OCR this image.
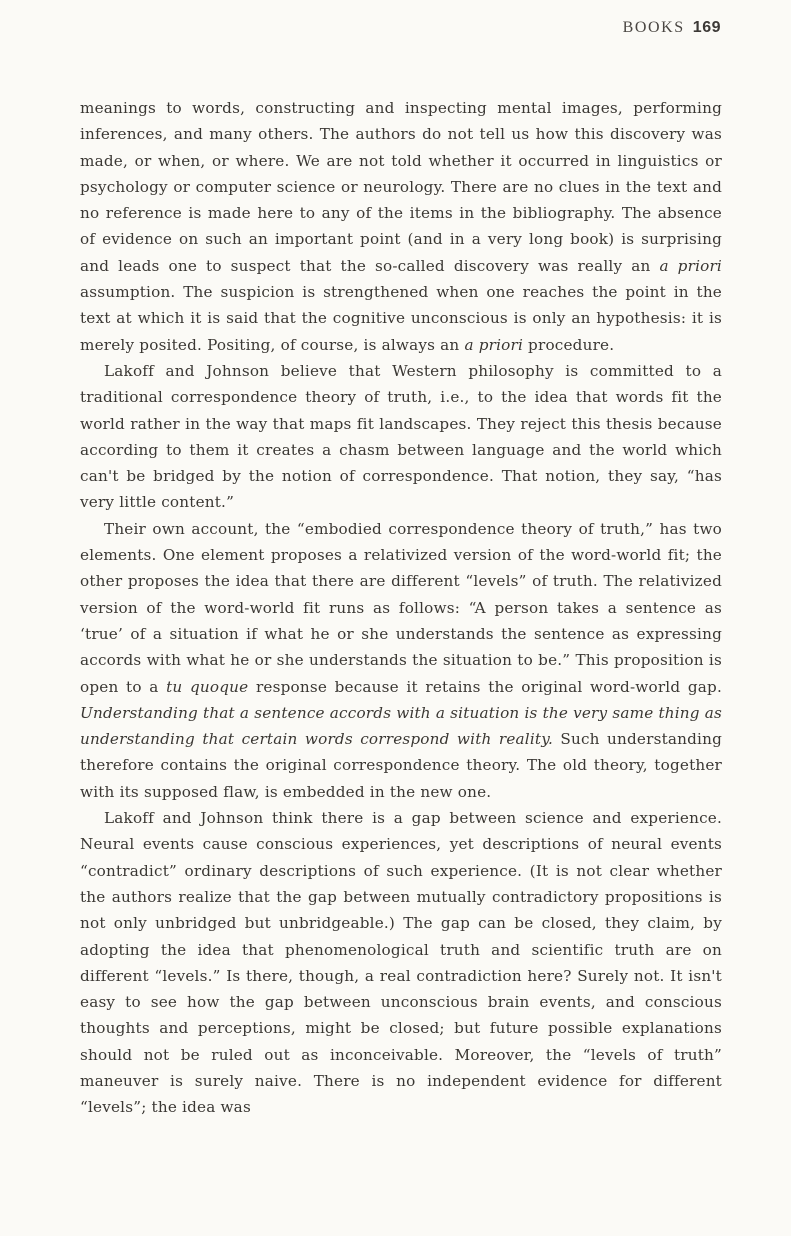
BOOKS 169

meanings to words, constructing and inspecting mental images, performing inferences, and many others. The authors do not tell us how this discovery was made, or when, or where. We are not told whether it occurred in linguistics or psychology or computer science or neurology. There are no clues in the text and no reference is made here to any of the items in the bibliography. The absence of evidence on such an important point (and in a very long book) is surprising and leads one to suspect that the so-called discovery was really an a priori assumption. The suspicion is strengthened when one reaches the point in the text at which it is said that the cognitive unconscious is only an hypothesis: it is merely posited. Positing, of course, is always an a priori procedure.

Lakoff and Johnson believe that Western philosophy is committed to a traditional correspondence theory of truth, i.e., to the idea that words fit the world rather in the way that maps fit landscapes. They reject this thesis because according to them it creates a chasm between language and the world which can't be bridged by the notion of correspondence. That notion, they say, “has very little content.”

Their own account, the “embodied correspondence theory of truth,” has two elements. One element proposes a relativized version of the word-world fit; the other proposes the idea that there are different “levels” of truth. The relativized version of the word-world fit runs as follows: “A person takes a sentence as ‘true’ of a situation if what he or she understands the sentence as expressing accords with what he or she understands the situation to be.” This proposition is open to a tu quoque response because it retains the original word-world gap. Understanding that a sentence accords with a situation is the very same thing as understanding that certain words correspond with reality. Such understanding therefore contains the original correspondence theory. The old theory, together with its supposed flaw, is embedded in the new one.

Lakoff and Johnson think there is a gap between science and experience. Neural events cause conscious experiences, yet descriptions of neural events “contradict” ordinary descriptions of such experience. (It is not clear whether the authors realize that the gap between mutually contradictory propositions is not only unbridged but unbridgeable.) The gap can be closed, they claim, by adopting the idea that phenomenological truth and scientific truth are on different “levels.” Is there, though, a real contradiction here? Surely not. It isn't easy to see how the gap between unconscious brain events, and conscious thoughts and perceptions, might be closed; but future possible explanations should not be ruled out as inconceivable. Moreover, the “levels of truth” maneuver is surely naive. There is no independent evidence for different “levels”; the idea was
